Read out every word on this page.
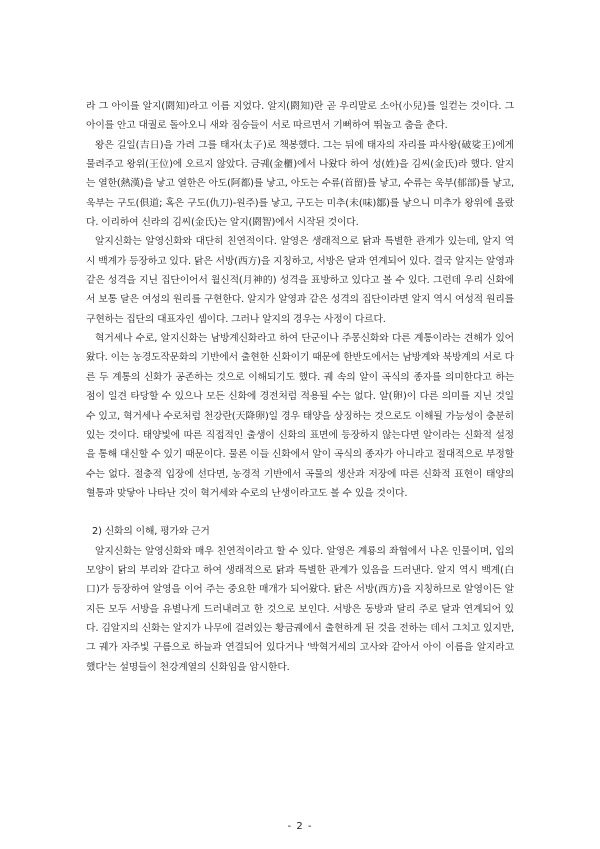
라 그 아이를 알지(閼知)라고 이름 지었다. 알지(閼知)란 곧 우리말로 소아(小兒)를 일컫는 것이다. 그 아이를 안고 대궐로 돌아오니 새와 짐승들이 서로 따르면서 기뻐하여 뛰놀고 춤을 춘다.

왕은 길일(吉日)을 가려 그를 태자(太子)로 책봉했다. 그는 뒤에 태자의 자리를 파사왕(破娑王)에게 물려주고 왕위(王位)에 오르지 않았다. 금궤(金櫃)에서 나왔다 하여 성(姓)을 김씨(金氏)라 했다. 알지는 열한(熱漢)을 낳고 열한은 아도(阿都)를 낳고, 아도는 수류(首留)를 낳고, 수류는 욱부(郁部)를 낳고, 욱부는 구도(俱道; 혹은 구도(仇刀)-원주)를 낳고, 구도는 미추(未(味)鄒)를 낳으니 미추가 왕위에 올랐다. 이리하여 신라의 김씨(金氏)는 알지(閼智)에서 시작된 것이다.

알지신화는 알영신화와 대단히 친연적이다. 알영은 생래적으로 닭과 특별한 관계가 있는데, 알지 역시 백계가 등장하고 있다. 닭은 서방(西方)을 지칭하고, 서방은 달과 연계되어 있다. 결국 알지는 알영과 같은 성격을 지닌 집단이어서 월신적(月神的) 성격을 표방하고 있다고 볼 수 있다. 그런데 우리 신화에서 보통 달은 여성의 원리를 구현한다. 알지가 알영과 같은 성격의 집단이라면 알지 역시 여성적 원리를 구현하는 집단의 대표자인 셈이다. 그러나 알지의 경우는 사정이 다르다.

혁거세나 수로, 알지신화는 남방계신화라고 하여 단군이나 주몽신화와 다른 계통이라는 견해가 있어왔다. 이는 농경도작문화의 기반에서 출현한 신화이기 때문에 한반도에서는 남방계와 북방계의 서로 다른 두 계통의 신화가 공존하는 것으로 이해되기도 했다. 궤 속의 알이 곡식의 종자를 의미한다고 하는 점이 일견 타당할 수 있으나 모든 신화에 경전처럼 적용될 수는 없다. 알(卵)이 다른 의미를 지닌 것일 수 있고, 혁거세나 수로처럼 천강란(天降卵)일 경우 태양을 상징하는 것으로도 이해될 가능성이 충분히 있는 것이다. 태양빛에 따른 직접적인 출생이 신화의 표면에 등장하지 않는다면 알이라는 신화적 설정을 통해 대신할 수 있기 때문이다. 물론 이들 신화에서 알이 곡식의 종자가 아니라고 절대적으로 부정할 수는 없다. 절충적 입장에 선다면, 농경적 기반에서 곡물의 생산과 저장에 따른 신화적 표현이 태양의 혈통과 맞닿아 나타난 것이 혁거세와 수로의 난생이라고도 볼 수 있을 것이다.

2) 신화의 이해, 평가와 근거

알지신화는 알영신화와 매우 친연적이라고 할 수 있다. 알영은 계룡의 좌협에서 나온 인물이며, 입의 모양이 닭의 부리와 같다고 하여 생래적으로 닭과 특별한 관계가 있음을 드러낸다. 알지 역시 백계(白口)가 등장하여 알영을 이어 주는 중요한 매개가 되어왔다. 닭은 서방(西方)을 지칭하므로 알영이든 알지든 모두 서방을 유별나게 드러내려고 한 것으로 보인다. 서방은 동방과 달리 주로 달과 연계되어 있다. 김알지의 신화는 알지가 나무에 걸려있는 황금궤에서 출현하게 된 것을 전하는 데서 그치고 있지만, 그 궤가 자주빛 구름으로 하늘과 연결되어 있다거나 '박혁거세의 고사와 같아서 아이 이름을 알지라고 했다'는 설명들이 천강계열의 신화임을 암시한다.

- 2 -
